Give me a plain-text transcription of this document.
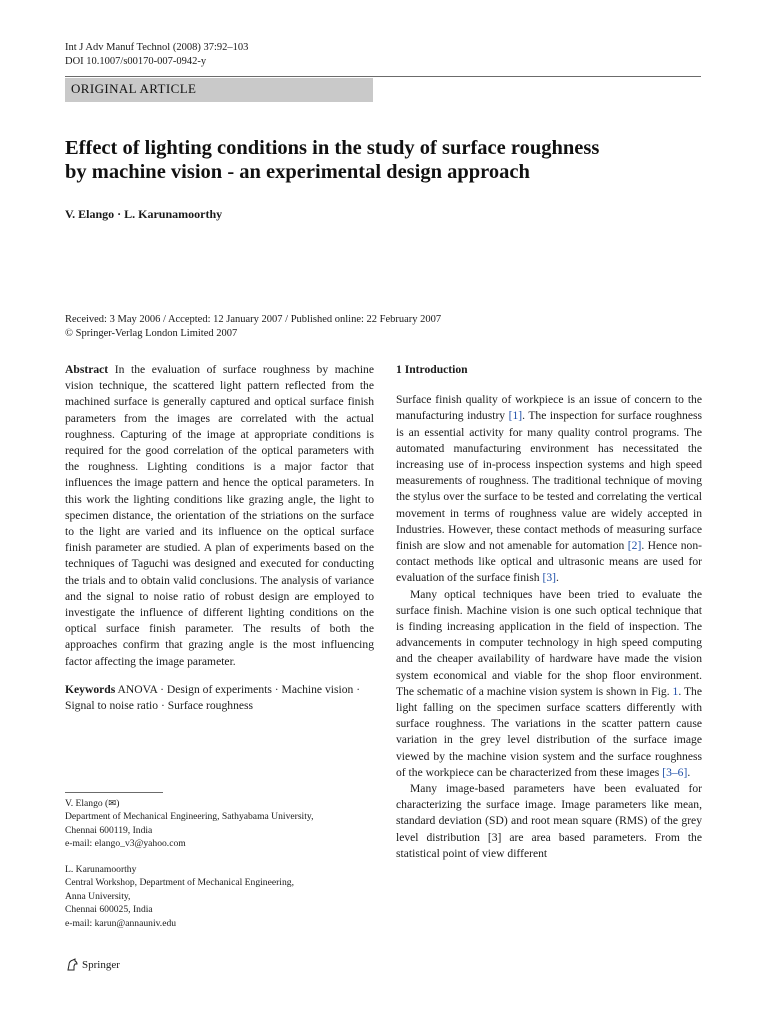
Int J Adv Manuf Technol (2008) 37:92–103
DOI 10.1007/s00170-007-0942-y
ORIGINAL ARTICLE
Effect of lighting conditions in the study of surface roughness
by machine vision - an experimental design approach
V. Elango · L. Karunamoorthy
Received: 3 May 2006 / Accepted: 12 January 2007 / Published online: 22 February 2007
© Springer-Verlag London Limited 2007

Abstract In the evaluation of surface roughness by machine vision technique, the scattered light pattern reflected from the machined surface is generally captured and optical surface finish parameters from the images are correlated with the actual roughness. Capturing of the image at appropriate conditions is required for the good correlation of the optical parameters with the roughness. Lighting conditions is a major factor that influences the image pattern and hence the optical parameters. In this work the lighting conditions like grazing angle, the light to specimen distance, the orientation of the striations on the surface to the light are varied and its influence on the optical surface finish parameter are studied. A plan of experiments based on the techniques of Taguchi was designed and executed for conducting the trials and to obtain valid conclusions. The analysis of variance and the signal to noise ratio of robust design are employed to investigate the influence of different lighting conditions on the optical surface finish parameter. The results of both the approaches confirm that grazing angle is the most influencing factor affecting the image parameter.

Keywords ANOVA · Design of experiments · Machine vision · Signal to noise ratio · Surface roughness

V. Elango (✉)
Department of Mechanical Engineering, Sathyabama University,
Chennai 600119, India
e-mail: elango_v3@yahoo.com
L. Karunamoorthy
Central Workshop, Department of Mechanical Engineering,
Anna University,
Chennai 600025, India
e-mail: karun@annauniv.edu

1 Introduction

Surface finish quality of workpiece is an issue of concern to the manufacturing industry [1]. The inspection for surface roughness is an essential activity for many quality control programs. The automated manufacturing environment has necessitated the increasing use of in-process inspection systems and high speed measurements of roughness. The traditional technique of moving the stylus over the surface to be tested and correlating the vertical movement in terms of roughness value are widely accepted in Industries. However, these contact methods of measuring surface finish are slow and not amenable for automation [2]. Hence non-contact methods like optical and ultrasonic means are used for evaluation of the surface finish [3].

Many optical techniques have been tried to evaluate the surface finish. Machine vision is one such optical technique that is finding increasing application in the field of inspection. The advancements in computer technology in high speed computing and the cheaper availability of hardware have made the vision system economical and viable for the shop floor environment. The schematic of a machine vision system is shown in Fig. 1. The light falling on the specimen surface scatters differently with surface roughness. The variations in the scatter pattern cause variation in the grey level distribution of the surface image viewed by the machine vision system and the surface roughness of the workpiece can be characterized from these images [3–6].

Many image-based parameters have been evaluated for characterizing the surface image. Image parameters like mean, standard deviation (SD) and root mean square (RMS) of the grey level distribution [3] are area based parameters. From the statistical point of view different

Springer
